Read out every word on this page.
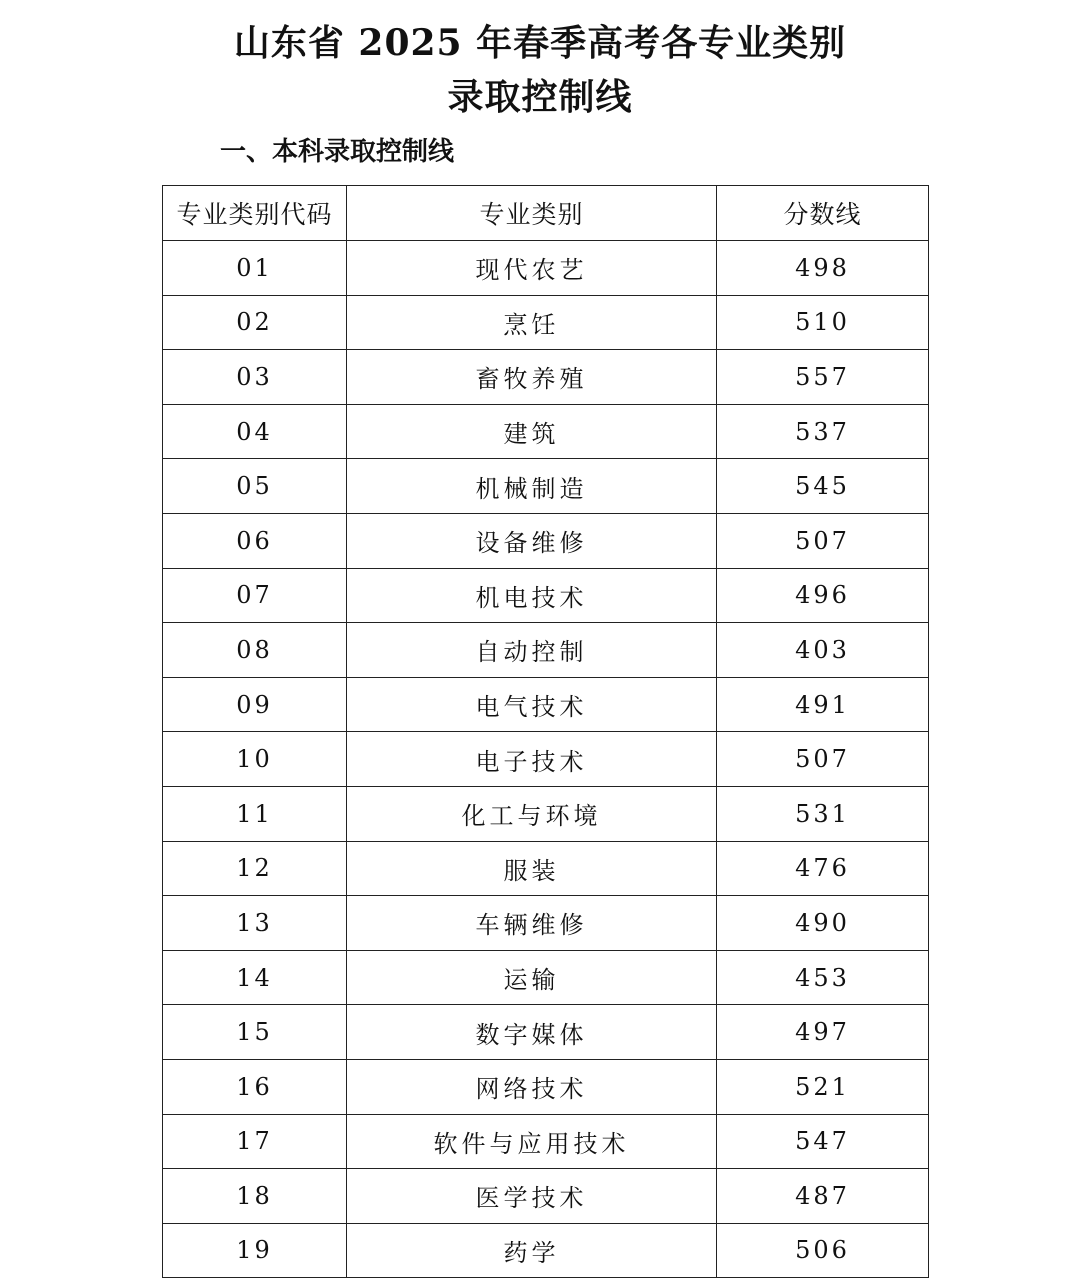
山东省 2025 年春季高考各专业类别
录取控制线
一、本科录取控制线
专业类别代码	专业类别	分数线
01	现代农艺	498
02	烹饪	510
03	畜牧养殖	557
04	建筑	537
05	机械制造	545
06	设备维修	507
07	机电技术	496
08	自动控制	403
09	电气技术	491
10	电子技术	507
11	化工与环境	531
12	服装	476
13	车辆维修	490
14	运输	453
15	数字媒体	497
16	网络技术	521
17	软件与应用技术	547
18	医学技术	487
19	药学	506
